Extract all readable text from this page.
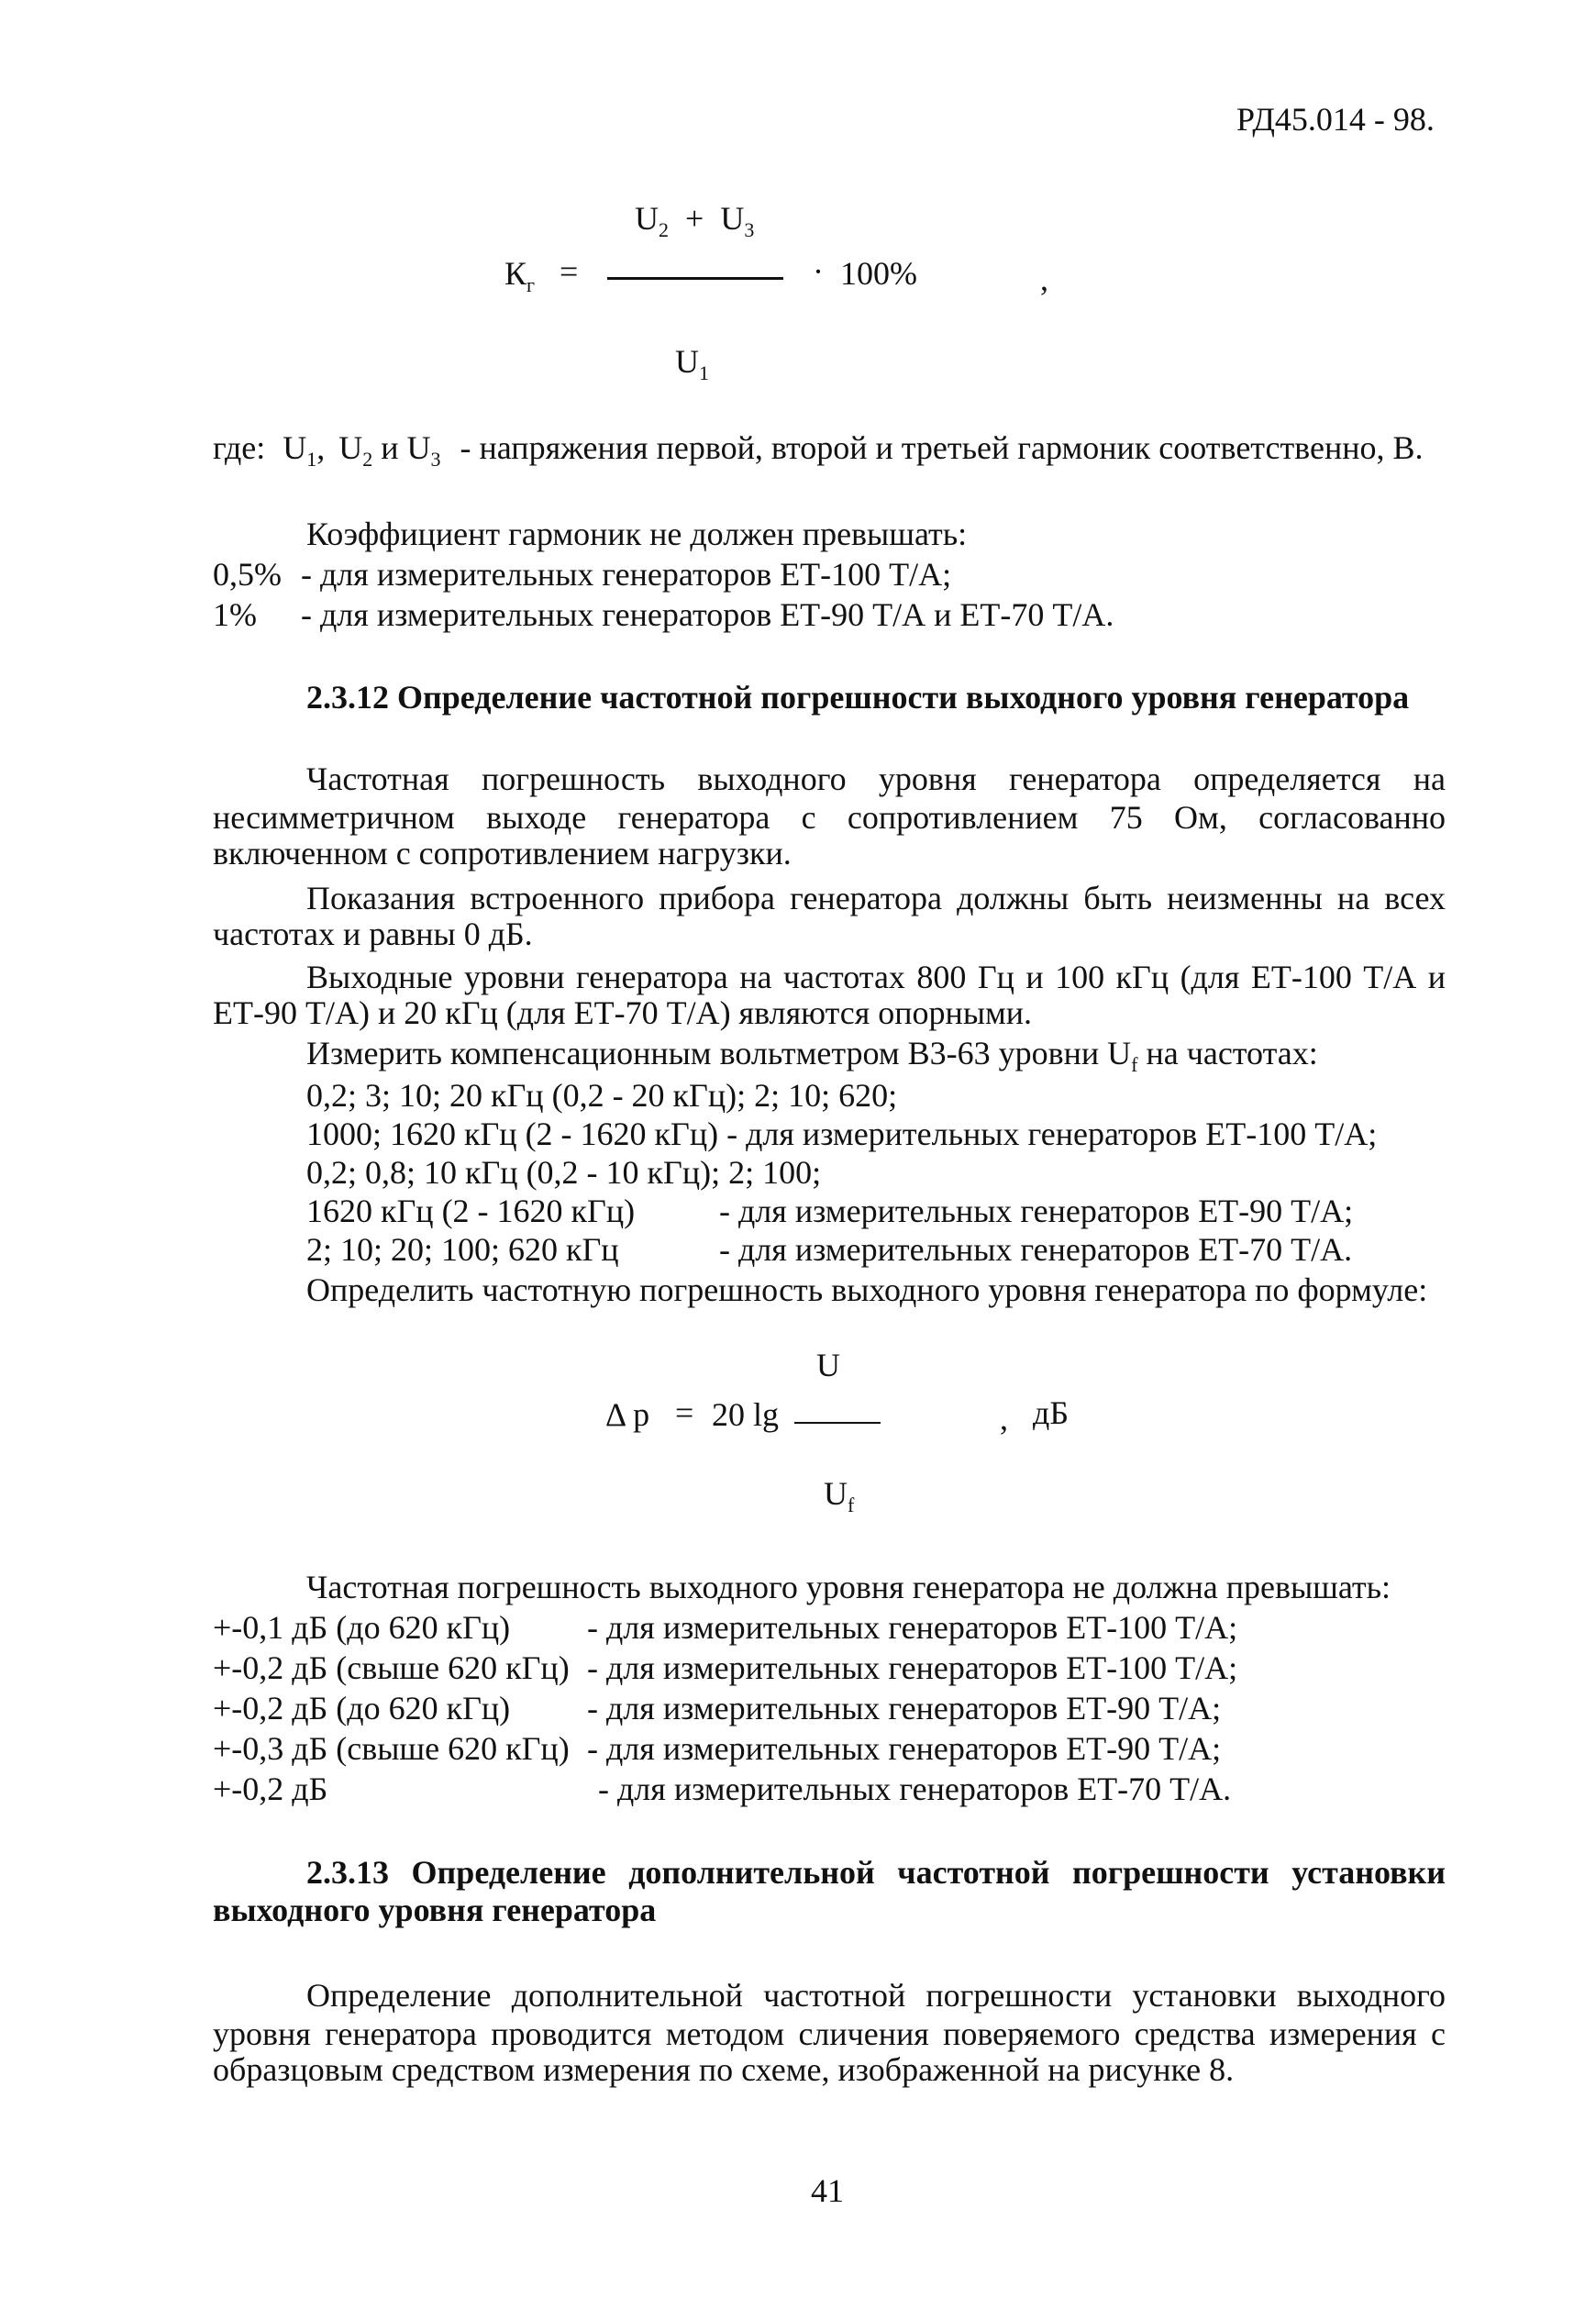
РД45.014 - 98.
$U_2 + U_3$
$К_г$ =	· 100%	,
$U_1$
где: $U_1$, $U_2$ и $U_3$ - напряжения первой, второй и третьей гармоник соответственно, В.
Коэффициент гармоник не должен превышать:
0,5% - для измерительных генераторов ЕТ-100 Т/А;
1% - для измерительных генераторов ЕТ-90 Т/А и ЕТ-70 Т/А.
2.3.12 Определение частотной погрешности выходного уровня генератора
Частотная погрешность выходного уровня генератора определяется на
несимметричном выходе генератора с сопротивлением 75 Ом, согласованно
включенном с сопротивлением нагрузки.
Показания встроенного прибора генератора должны быть неизменны на всех
частотах и равны 0 дБ.
Выходные уровни генератора на частотах 800 Гц и 100 кГц (для ЕТ-100 Т/А и
ЕТ-90 Т/А) и 20 кГц (для ЕТ-70 Т/А) являются опорными.
Измерить компенсационным вольтметром В3-63 уровни $U_f$ на частотах:
0,2; 3; 10; 20 кГц (0,2 - 20 кГц); 2; 10; 620;
1000; 1620 кГц (2 - 1620 кГц) - для измерительных генераторов ЕТ-100 Т/А;
0,2; 0,8; 10 кГц (0,2 - 10 кГц); 2; 100;
1620 кГц (2 - 1620 кГц)	- для измерительных генераторов ЕТ-90 Т/А;
2; 10; 20; 100; 620 кГц	- для измерительных генераторов ЕТ-70 Т/А.
Определить частотную погрешность выходного уровня генератора по формуле:
U
Δ p = 20 lg	, дБ
$U_f$
Частотная погрешность выходного уровня генератора не должна превышать:
+-0,1 дБ (до 620 кГц) - для измерительных генераторов ЕТ-100 Т/А;
+-0,2 дБ (свыше 620 кГц) - для измерительных генераторов ЕТ-100 Т/А;
+-0,2 дБ (до 620 кГц) - для измерительных генераторов ЕТ-90 Т/А;
+-0,3 дБ (свыше 620 кГц) - для измерительных генераторов ЕТ-90 Т/А;
+-0,2 дБ	- для измерительных генераторов ЕТ-70 Т/А.
2.3.13 Определение дополнительной частотной погрешности установки
выходного уровня генератора
Определение дополнительной частотной погрешности установки выходного
уровня генератора проводится методом сличения поверяемого средства измерения с
образцовым средством измерения по схеме, изображенной на рисунке 8.
41
